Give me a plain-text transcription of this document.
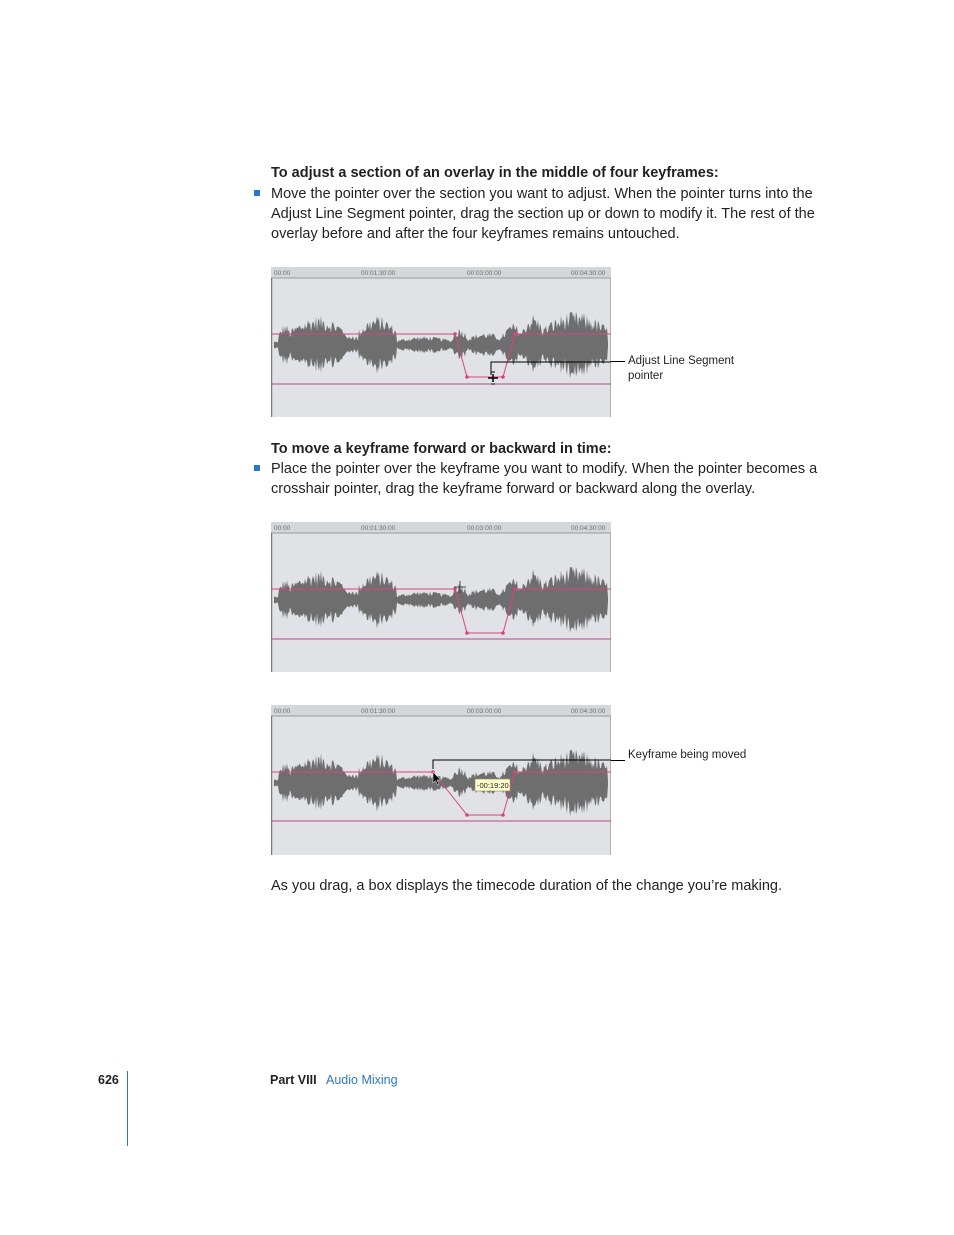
To adjust a section of an overlay in the middle of four keyframes:
Move the pointer over the section you want to adjust. When the pointer turns into the Adjust Line Segment pointer, drag the section up or down to modify it. The rest of the overlay before and after the four keyframes remains untouched.
00:00	00:01:30:00	00:03:00:00	00:04:30:00
Adjust Line Segment pointer
To move a keyframe forward or backward in time:
Place the pointer over the keyframe you want to modify. When the pointer becomes a crosshair pointer, drag the keyframe forward or backward along the overlay.
00:00	00:01:30:00	00:03:00:00	00:04:30:00
00:00	00:01:30:00	00:03:00:00	00:04:30:00
-00:19:20
Keyframe being moved
As you drag, a box displays the timecode duration of the change you’re making.
626	Part VIII Audio Mixing
